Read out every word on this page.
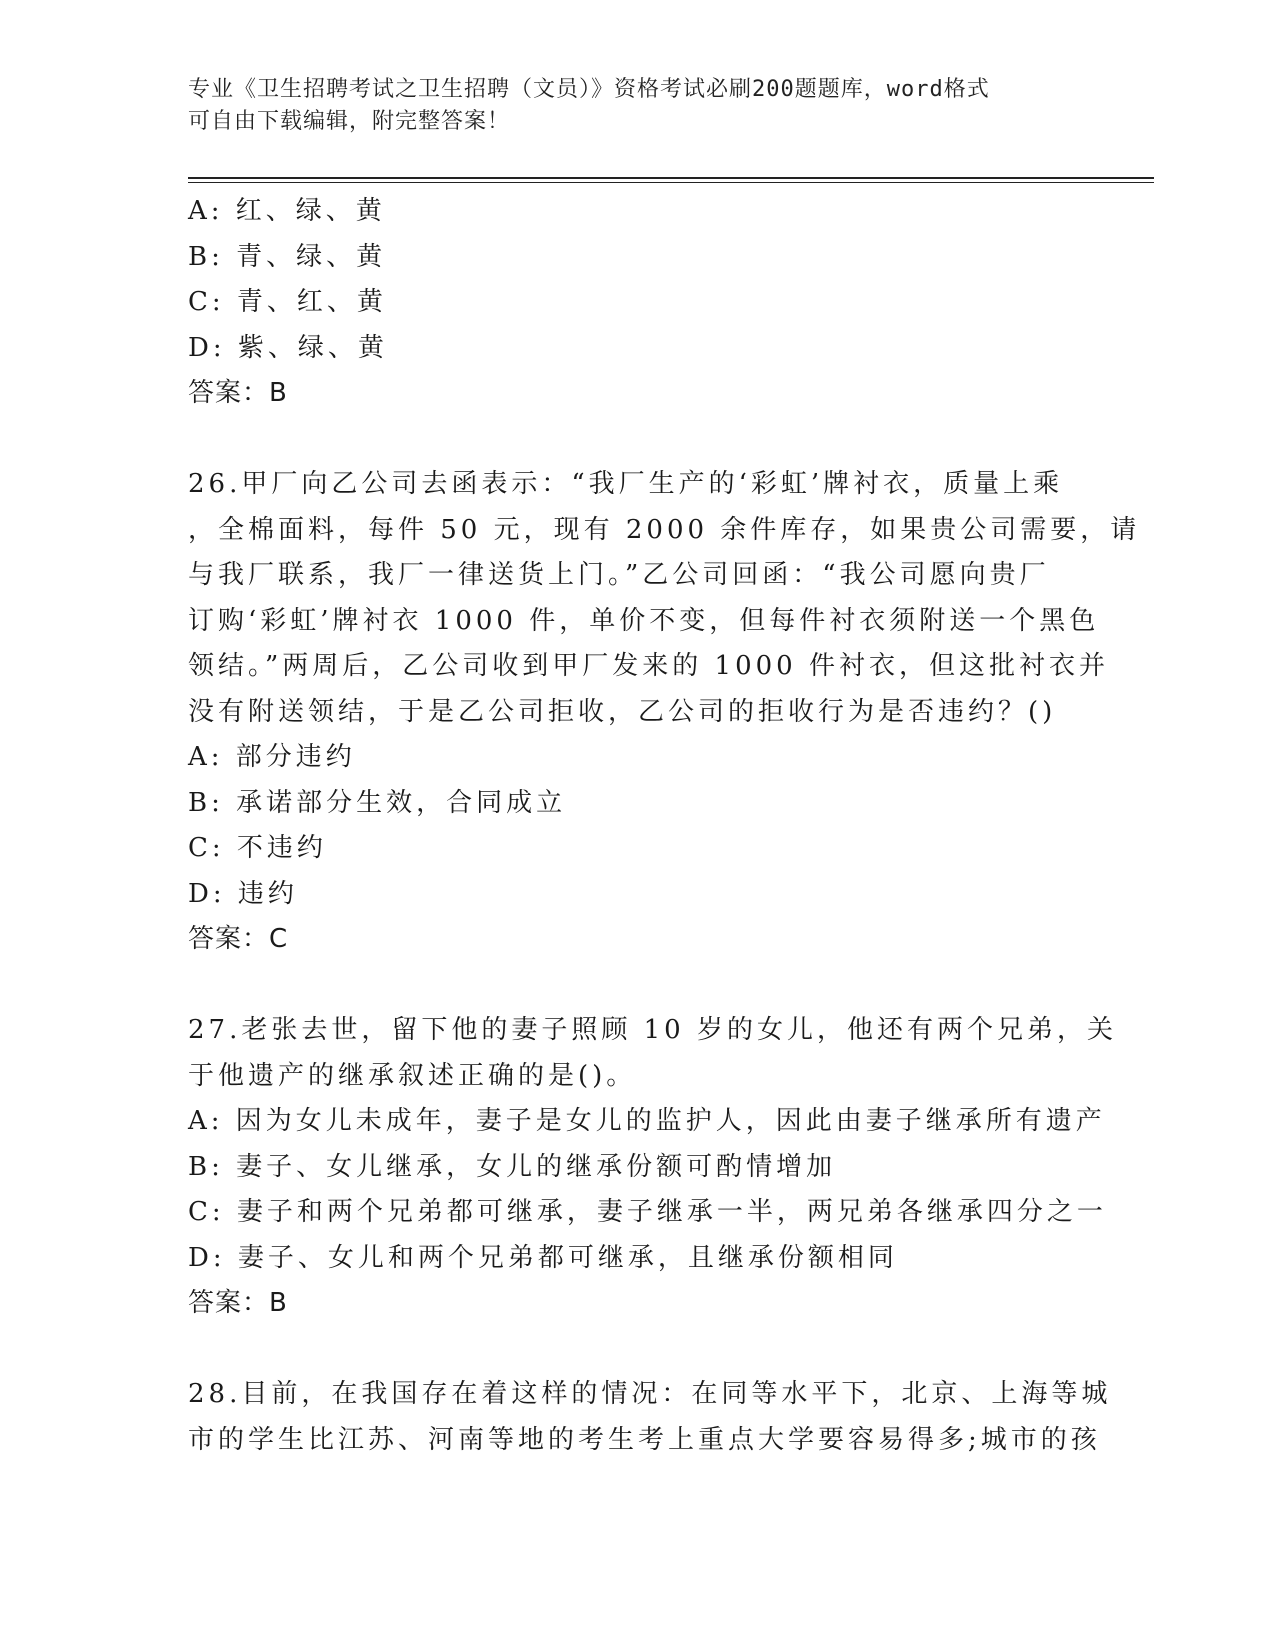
专业《卫生招聘考试之卫生招聘（文员）》资格考试必刷200题题库，word格式
可自由下载编辑，附完整答案！
A: 红、绿、黄
B: 青、绿、黄
C: 青、红、黄
D: 紫、绿、黄
答案：B
26.甲厂向乙公司去函表示：“我厂生产的‘彩虹’牌衬衣，质量上乘
，全棉面料，每件 50 元，现有 2000 余件库存，如果贵公司需要，请
与我厂联系，我厂一律送货上门。”乙公司回函：“我公司愿向贵厂
订购‘彩虹’牌衬衣 1000 件，单价不变，但每件衬衣须附送一个黑色
领结。”两周后，乙公司收到甲厂发来的 1000 件衬衣，但这批衬衣并
没有附送领结，于是乙公司拒收，乙公司的拒收行为是否违约？()
A: 部分违约
B: 承诺部分生效，合同成立
C: 不违约
D: 违约
答案：C
27.老张去世，留下他的妻子照顾 10 岁的女儿，他还有两个兄弟，关
于他遗产的继承叙述正确的是()。
A: 因为女儿未成年，妻子是女儿的监护人，因此由妻子继承所有遗产
B: 妻子、女儿继承，女儿的继承份额可酌情增加
C: 妻子和两个兄弟都可继承，妻子继承一半，两兄弟各继承四分之一
D: 妻子、女儿和两个兄弟都可继承，且继承份额相同
答案：B
28.目前，在我国存在着这样的情况：在同等水平下，北京、上海等城
市的学生比江苏、河南等地的考生考上重点大学要容易得多;城市的孩
